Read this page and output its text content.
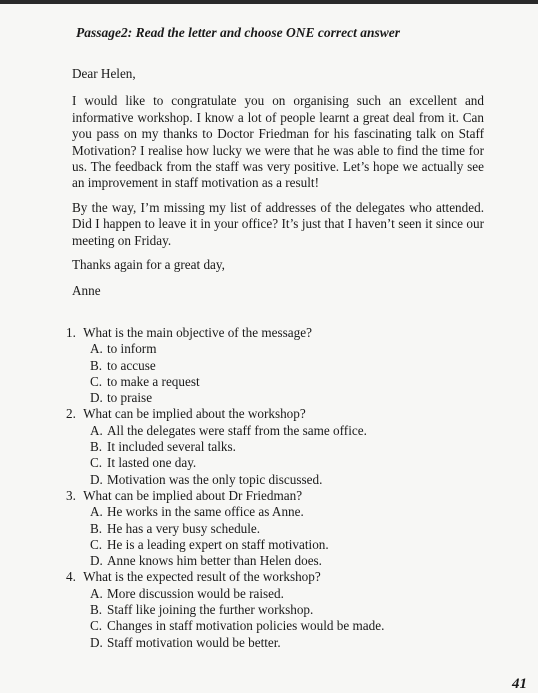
Passage2: Read the letter and choose ONE correct answer

Dear Helen,

I would like to congratulate you on organising such an excellent and informative workshop. I know a lot of people learnt a great deal from it. Can you pass on my thanks to Doctor Friedman for his fascinating talk on Staff Motivation? I realise how lucky we were that he was able to find the time for us. The feedback from the staff was very positive. Let’s hope we actually see an improvement in staff motivation as a result!

By the way, I’m missing my list of addresses of the delegates who attended. Did I happen to leave it in your office? It’s just that I haven’t seen it since our meeting on Friday.

Thanks again for a great day,

Anne

1. What is the main objective of the message?

A. to inform

B. to accuse

C. to make a request

D. to praise

2. What can be implied about the workshop?

A. All the delegates were staff from the same office.

B. It included several talks.

C. It lasted one day.

D. Motivation was the only topic discussed.

3. What can be implied about Dr Friedman?

A. He works in the same office as Anne.

B. He has a very busy schedule.

C. He is a leading expert on staff motivation.

D. Anne knows him better than Helen does.

4. What is the expected result of the workshop?

A. More discussion would be raised.

B. Staff like joining the further workshop.

C. Changes in staff motivation policies would be made.

D. Staff motivation would be better.

41
